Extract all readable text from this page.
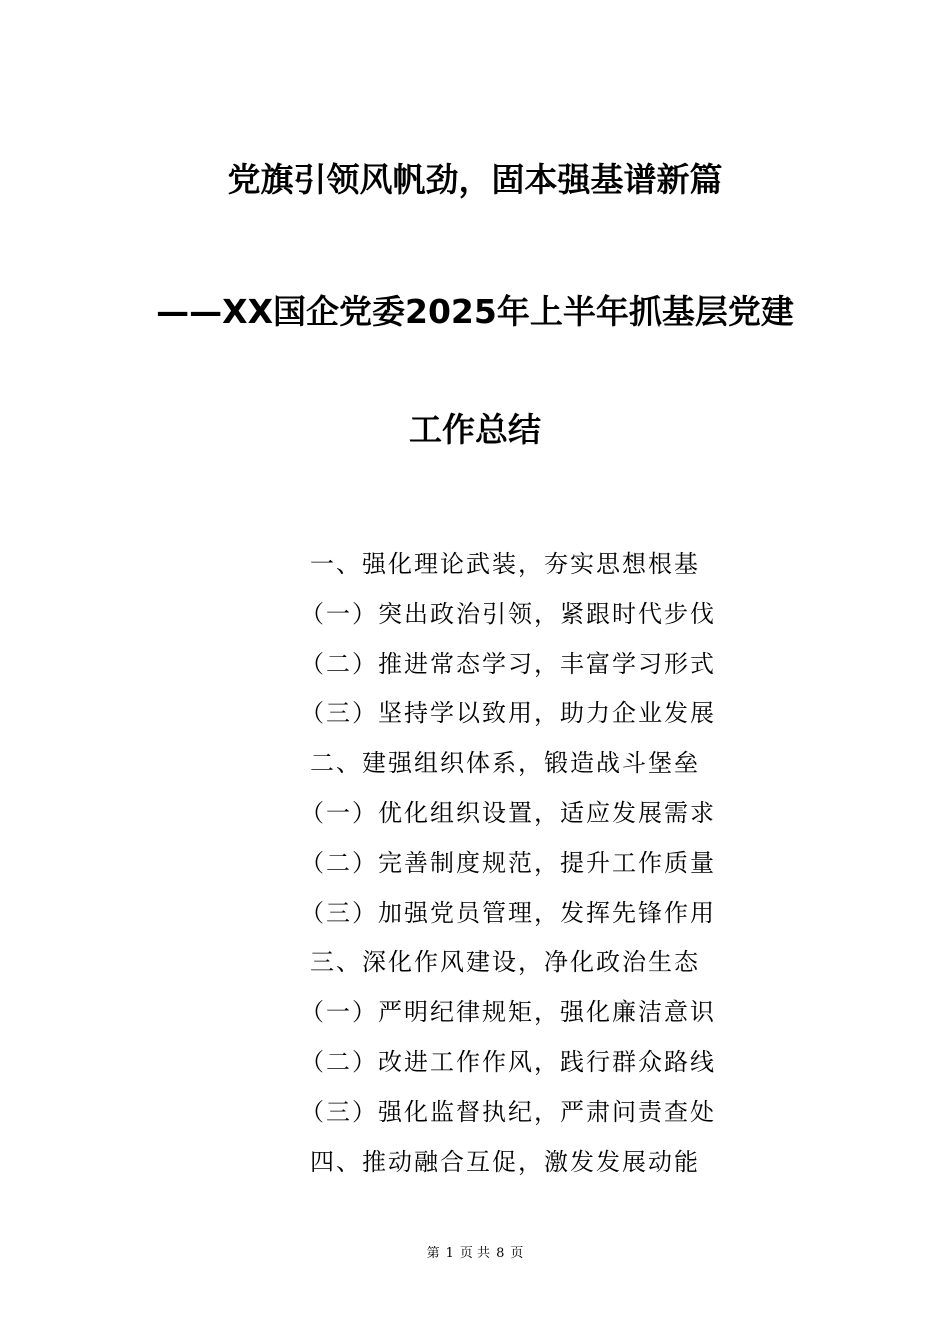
党旗引领风帆劲，固本强基谱新篇
——XX国企党委2025年上半年抓基层党建
工作总结
一、强化理论武装，夯实思想根基
（一）突出政治引领，紧跟时代步伐
（二）推进常态学习，丰富学习形式
（三）坚持学以致用，助力企业发展
二、建强组织体系，锻造战斗堡垒
（一）优化组织设置，适应发展需求
（二）完善制度规范，提升工作质量
（三）加强党员管理，发挥先锋作用
三、深化作风建设，净化政治生态
（一）严明纪律规矩，强化廉洁意识
（二）改进工作作风，践行群众路线
（三）强化监督执纪，严肃问责查处
四、推动融合互促，激发发展动能
第 1 页 共 8 页
